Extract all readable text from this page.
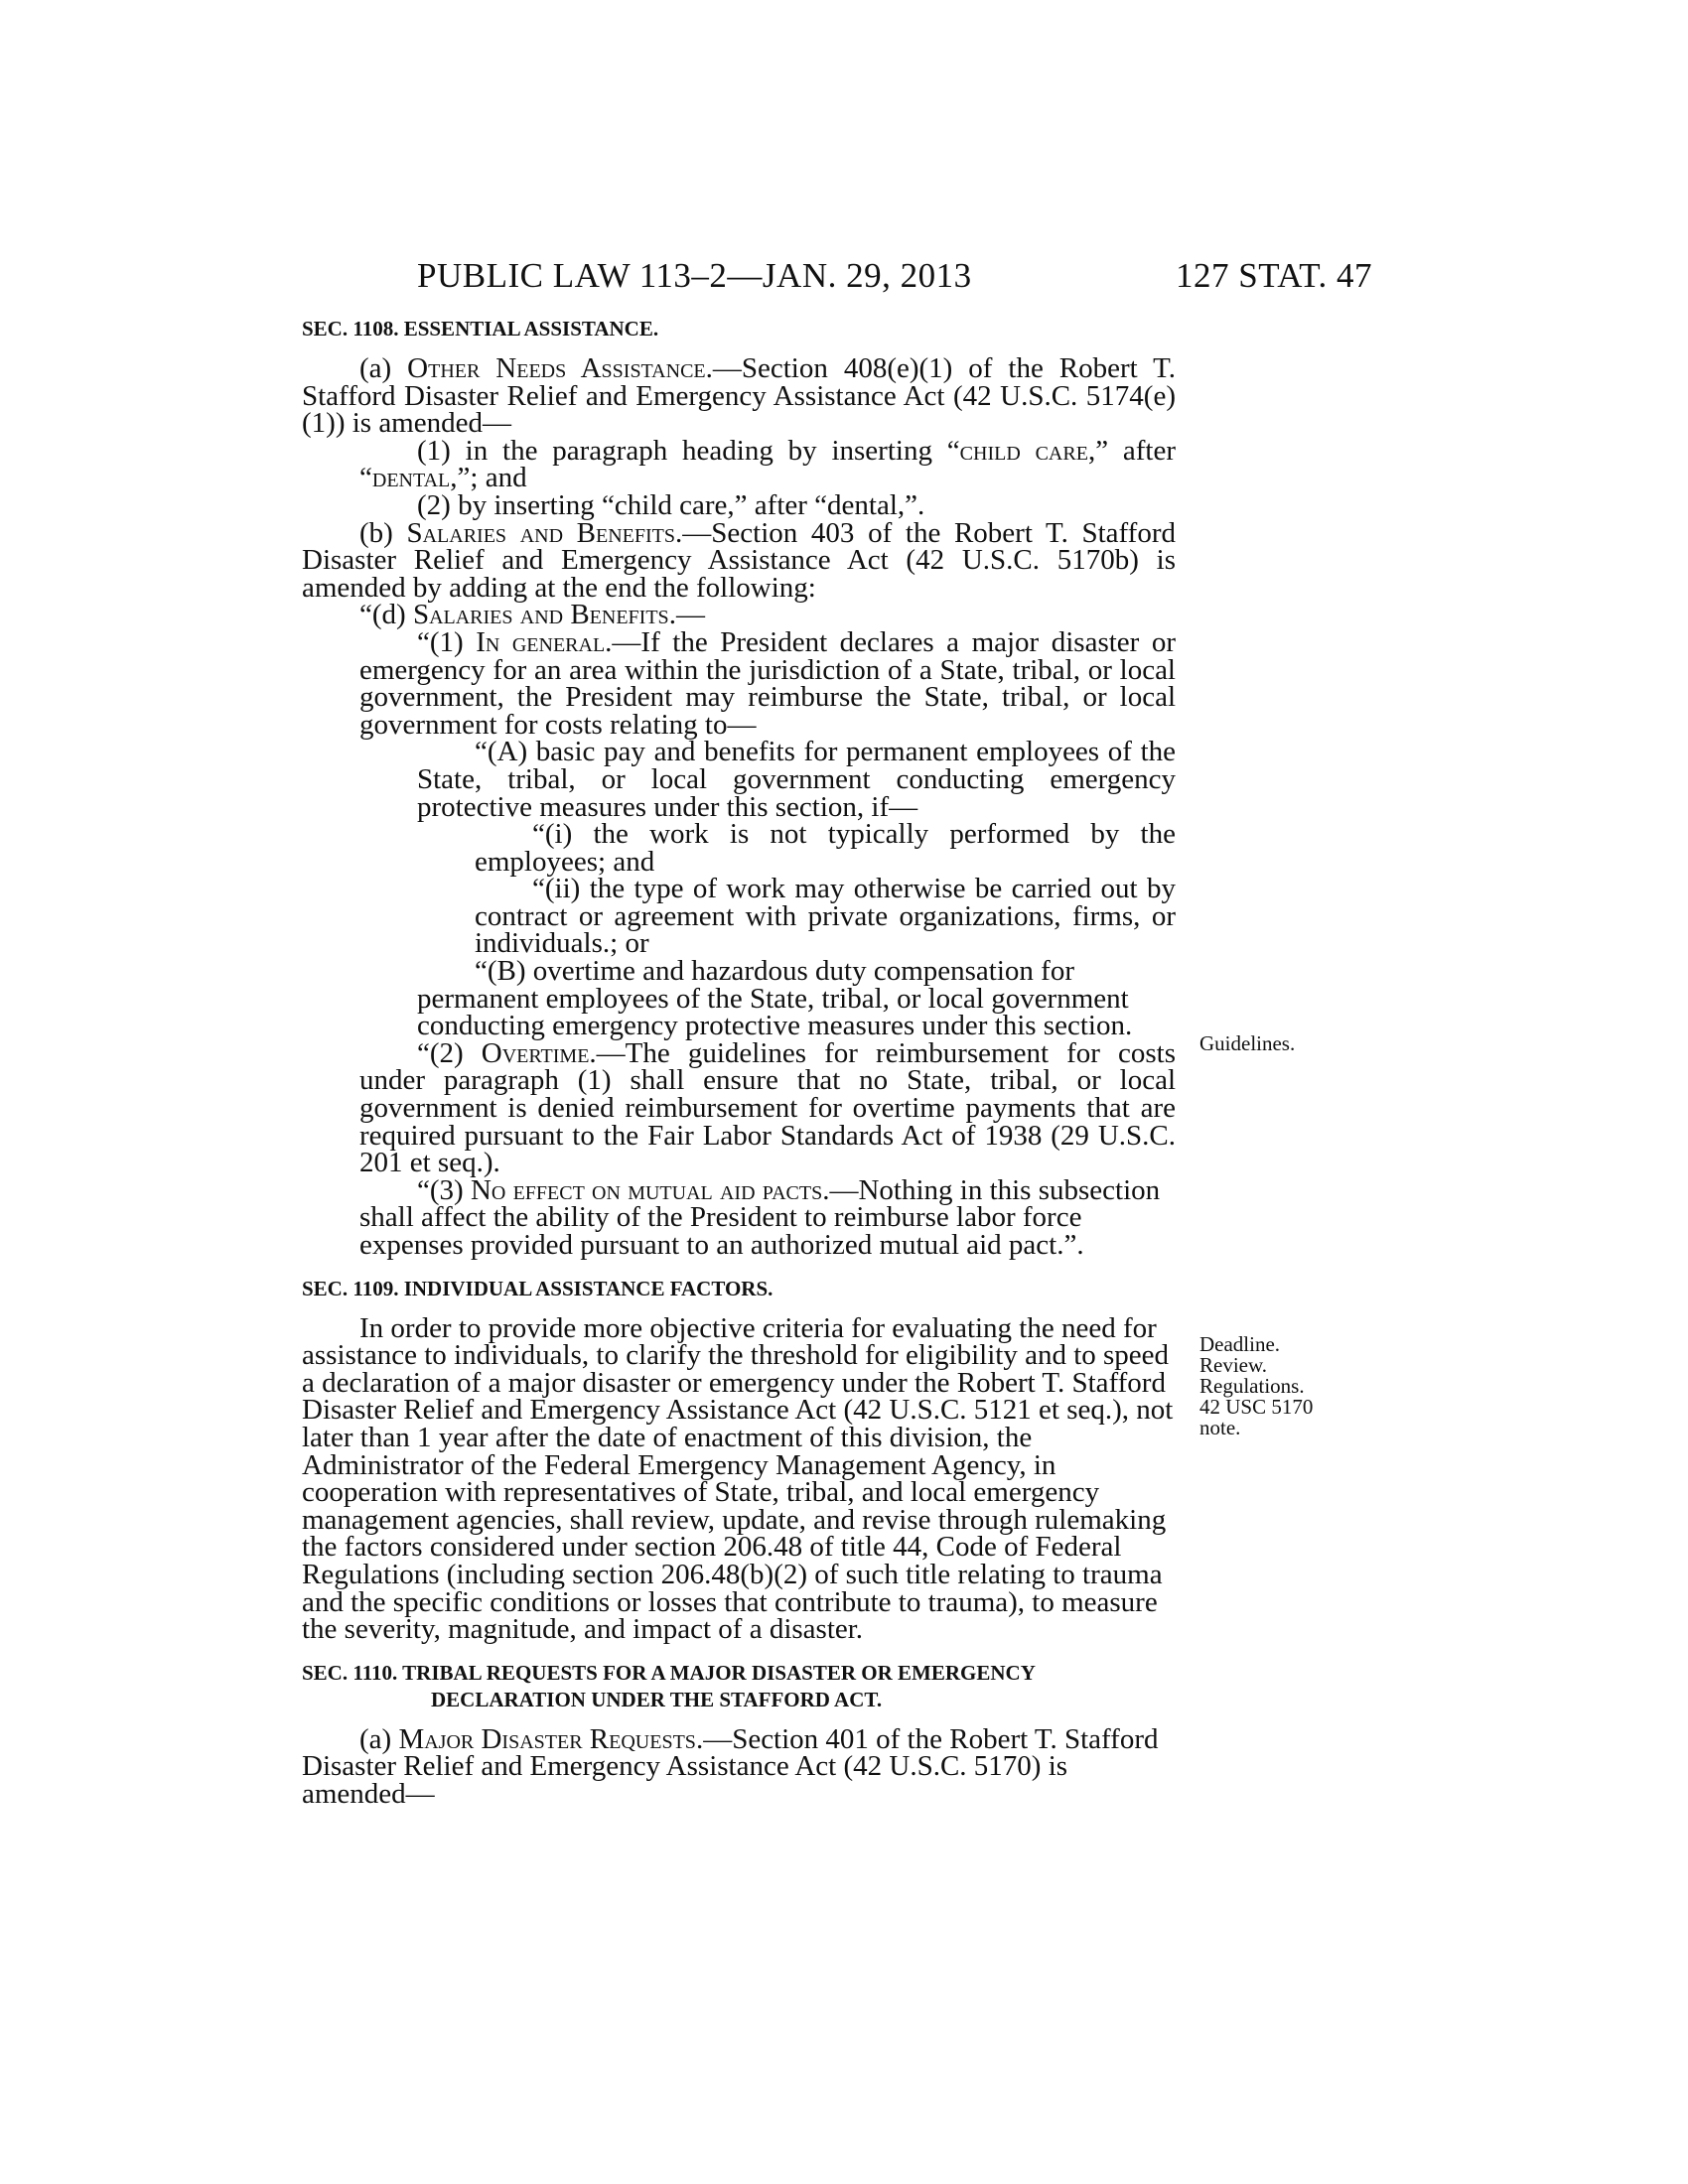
PUBLIC LAW 113–2—JAN. 29, 2013	127 STAT. 47

SEC. 1108. ESSENTIAL ASSISTANCE.

(a) Other Needs Assistance.—Section 408(e)(1) of the Robert T. Stafford Disaster Relief and Emergency Assistance Act (42 U.S.C. 5174(e)(1)) is amended—

(1) in the paragraph heading by inserting “child care,” after “dental,”; and

(2) by inserting “child care,” after “dental,”.

(b) Salaries and Benefits.—Section 403 of the Robert T. Stafford Disaster Relief and Emergency Assistance Act (42 U.S.C. 5170b) is amended by adding at the end the following:

“(d) Salaries and Benefits.—

“(1) In general.—If the President declares a major disaster or emergency for an area within the jurisdiction of a State, tribal, or local government, the President may reimburse the State, tribal, or local government for costs relating to—

“(A) basic pay and benefits for permanent employees of the State, tribal, or local government conducting emergency protective measures under this section, if—

“(i) the work is not typically performed by the employees; and

“(ii) the type of work may otherwise be carried out by contract or agreement with private organizations, firms, or individuals.; or

“(B) overtime and hazardous duty compensation for permanent employees of the State, tribal, or local government conducting emergency protective measures under this section.

“(2) Overtime.—The guidelines for reimbursement for costs under paragraph (1) shall ensure that no State, tribal, or local government is denied reimbursement for overtime payments that are required pursuant to the Fair Labor Standards Act of 1938 (29 U.S.C. 201 et seq.).

“(3) No effect on mutual aid pacts.—Nothing in this subsection shall affect the ability of the President to reimburse labor force expenses provided pursuant to an authorized mutual aid pact.”.

SEC. 1109. INDIVIDUAL ASSISTANCE FACTORS.

In order to provide more objective criteria for evaluating the need for assistance to individuals, to clarify the threshold for eligibility and to speed a declaration of a major disaster or emergency under the Robert T. Stafford Disaster Relief and Emergency Assistance Act (42 U.S.C. 5121 et seq.), not later than 1 year after the date of enactment of this division, the Administrator of the Federal Emergency Management Agency, in cooperation with representatives of State, tribal, and local emergency management agencies, shall review, update, and revise through rulemaking the factors considered under section 206.48 of title 44, Code of Federal Regulations (including section 206.48(b)(2) of such title relating to trauma and the specific conditions or losses that contribute to trauma), to measure the severity, magnitude, and impact of a disaster.

SEC. 1110. TRIBAL REQUESTS FOR A MAJOR DISASTER OR EMERGENCY DECLARATION UNDER THE STAFFORD ACT.

(a) Major Disaster Requests.—Section 401 of the Robert T. Stafford Disaster Relief and Emergency Assistance Act (42 U.S.C. 5170) is amended—

Guidelines.
Deadline.
Review.
Regulations.
42 USC 5170
note.
